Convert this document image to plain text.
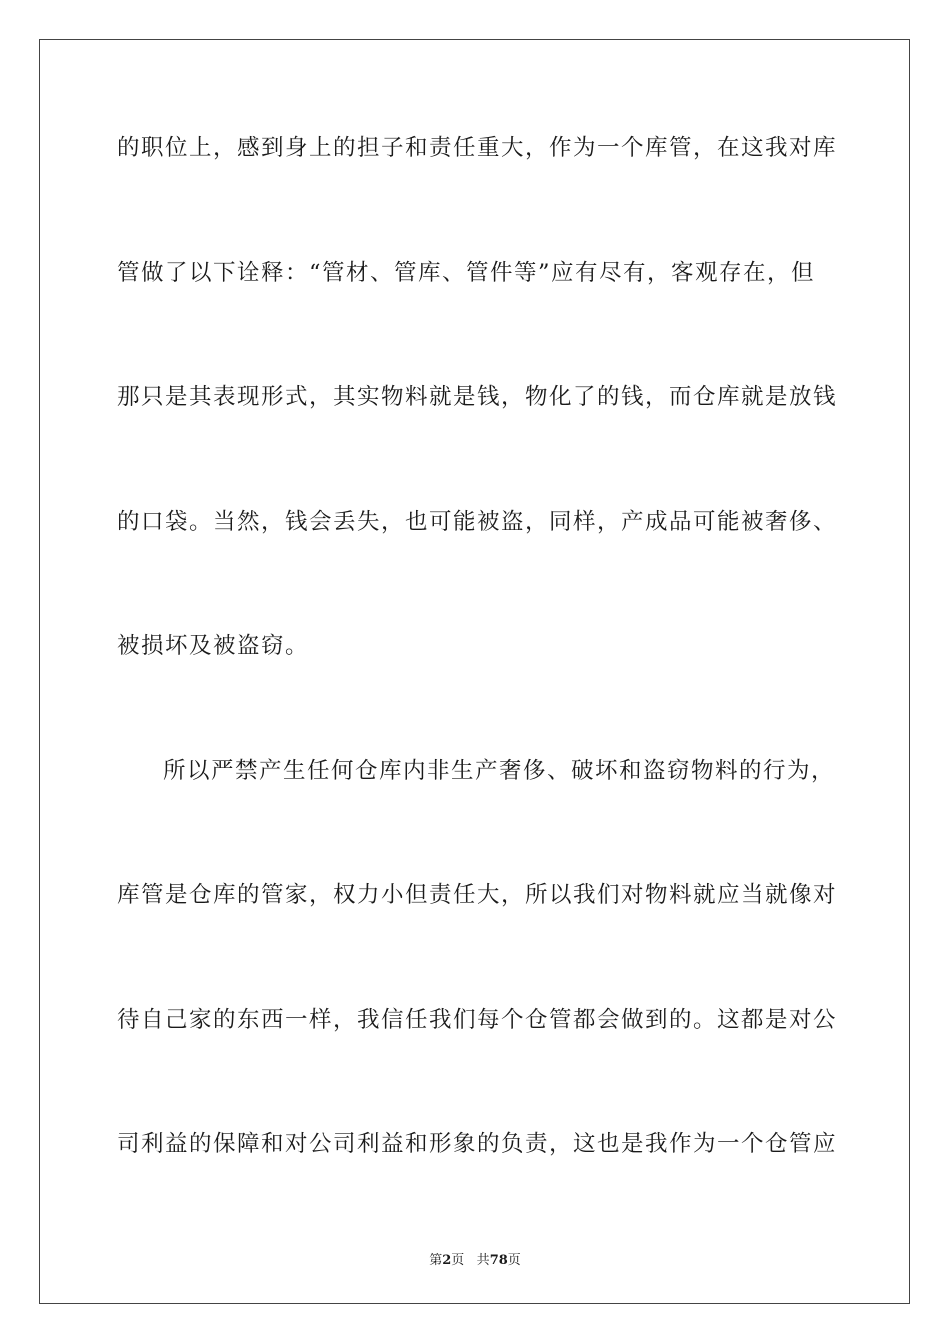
的职位上，感到身上的担子和责任重大，作为一个库管，在这我对库

管做了以下诠释：“管材、管库、管件等”应有尽有，客观存在，但

那只是其表现形式，其实物料就是钱，物化了的钱，而仓库就是放钱

的口袋。当然，钱会丢失，也可能被盗，同样，产成品可能被奢侈、

被损坏及被盗窃。

所以严禁产生任何仓库内非生产奢侈、破坏和盗窃物料的行为，

库管是仓库的管家，权力小但责任大，所以我们对物料就应当就像对

待自己家的东西一样，我信任我们每个仓管都会做到的。这都是对公

司利益的保障和对公司利益和形象的负责，这也是我作为一个仓管应

第2页 共78页
